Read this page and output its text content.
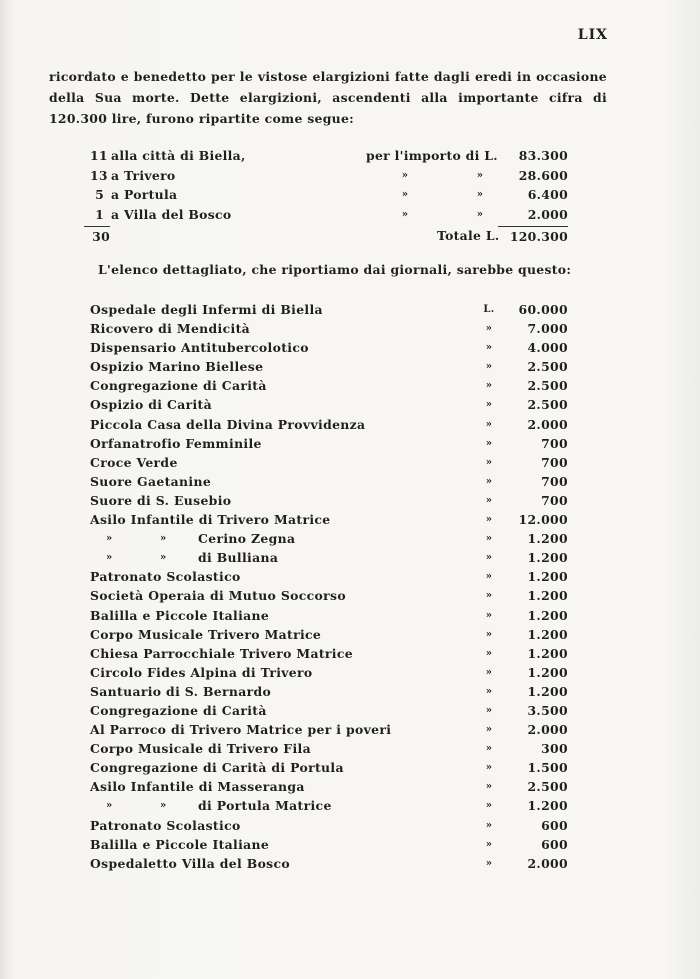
LIX
ricordato e benedetto per le vistose elargizioni fatte dagli eredi in occasione della Sua morte. Dette elargizioni, ascendenti alla importante cifra di 120.300 lire, furono ripartite come segue:
11 alla città di Biella,	per l'importo di L.	83.300
13 a Trivero	»	»	28.600
5 a Portula	»	»	6.400
1 a Villa del Bosco	»	»	2.000
30	Totale L. 120.300
L'elenco dettagliato, che riportiamo dai giornali, sarebbe questo:
Ospedale degli Infermi di Biella	L.	60.000
Ricovero di Mendicità	»	7.000
Dispensario Antitubercolotico	»	4.000
Ospizio Marino Biellese	»	2.500
Congregazione di Carità	»	2.500
Ospizio di Carità	»	2.500
Piccola Casa della Divina Provvidenza	»	2.000
Orfanatrofio Femminile	»	700
Croce Verde	»	700
Suore Gaetanine	»	700
Suore di S. Eusebio	»	700
Asilo Infantile di Trivero Matrice	»	12.000
»	»	Cerino Zegna	»	1.200
»	»	di Bulliana	»	1.200
Patronato Scolastico	»	1.200
Società Operaia di Mutuo Soccorso	»	1.200
Balilla e Piccole Italiane	»	1.200
Corpo Musicale Trivero Matrice	»	1.200
Chiesa Parrocchiale Trivero Matrice	»	1.200
Circolo Fides Alpina di Trivero	»	1.200
Santuario di S. Bernardo	»	1.200
Congregazione di Carità	»	3.500
Al Parroco di Trivero Matrice per i poveri	»	2.000
Corpo Musicale di Trivero Fila	»	300
Congregazione di Carità di Portula	»	1.500
Asilo Infantile di Masseranga	»	2.500
»	»	di Portula Matrice	»	1.200
Patronato Scolastico	»	600
Balilla e Piccole Italiane	»	600
Ospedaletto Villa del Bosco	»	2.000
